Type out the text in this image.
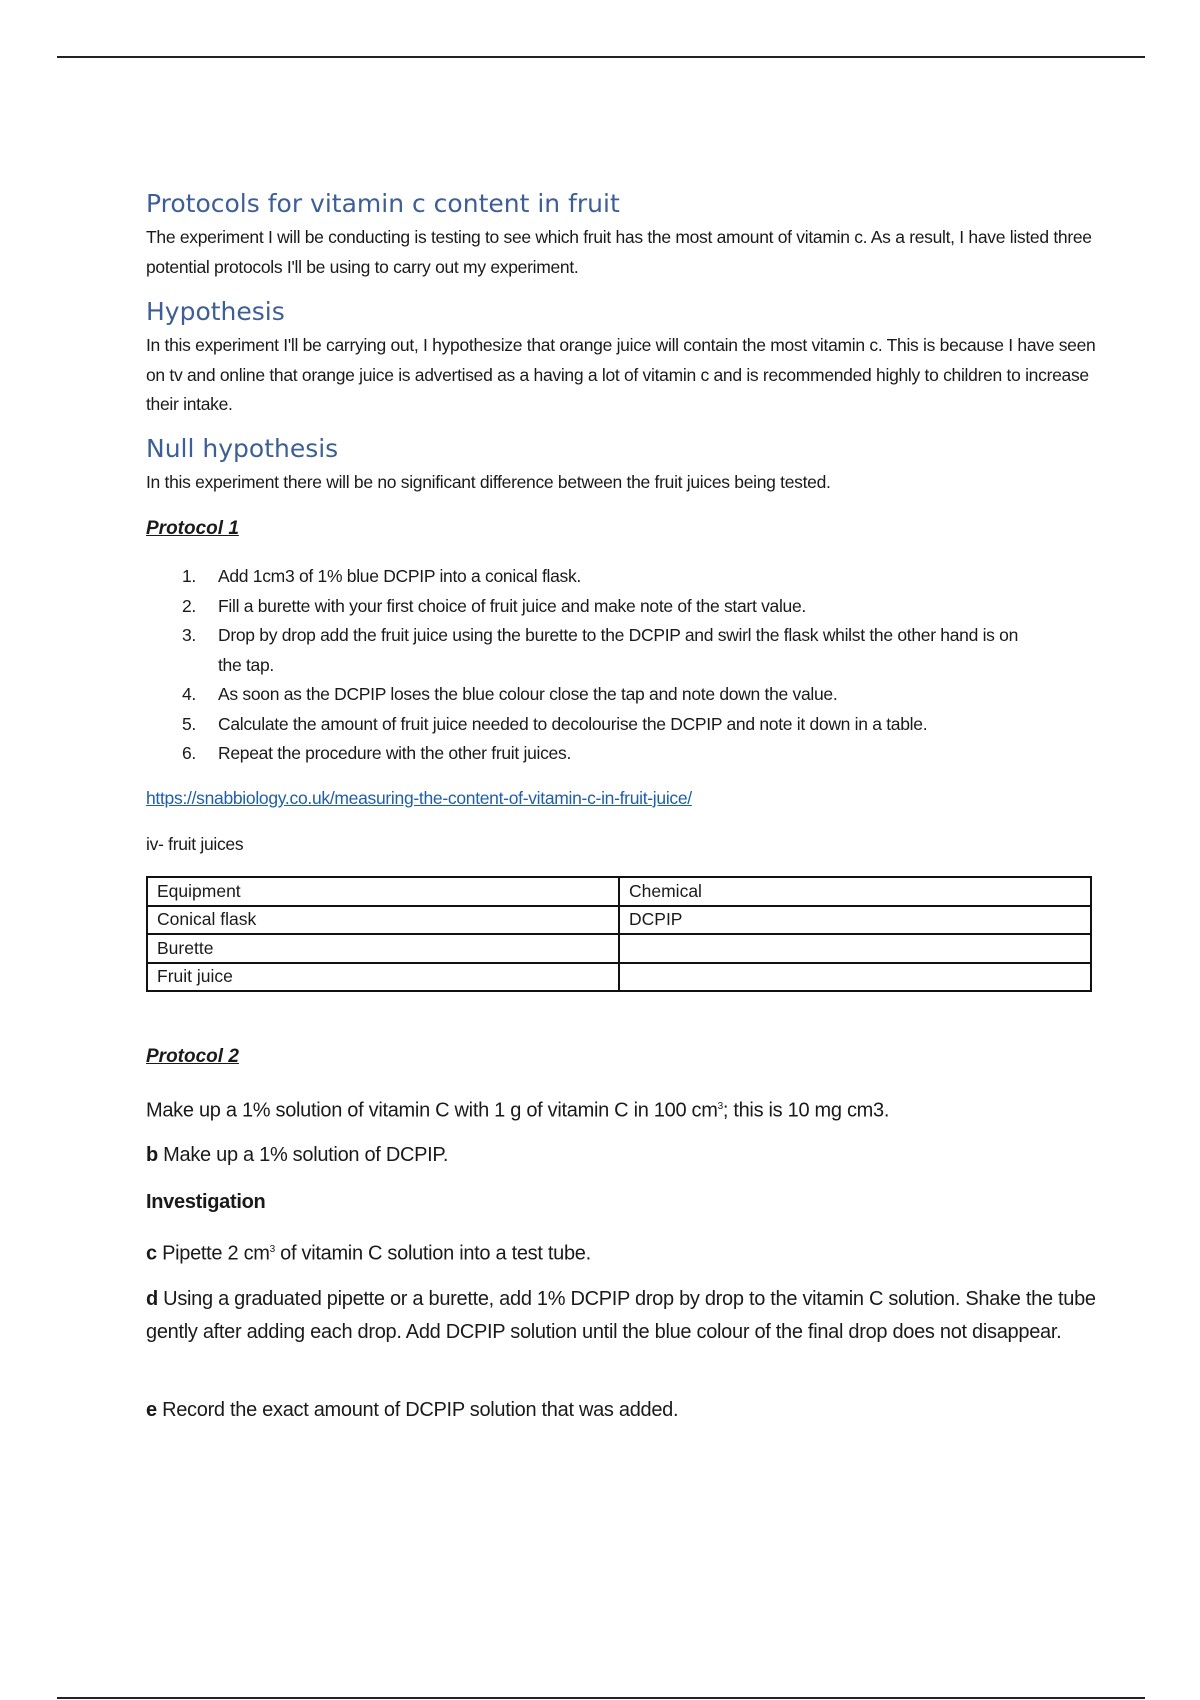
Protocols for vitamin c content in fruit
The experiment I will be conducting is testing to see which fruit has the most amount of vitamin c. As a result, I have listed three potential protocols I'll be using to carry out my experiment.
Hypothesis
In this experiment I'll be carrying out, I hypothesize that orange juice will contain the most vitamin c. This is because I have seen on tv and online that orange juice is advertised as a having a lot of vitamin c and is recommended highly to children to increase their intake.
Null hypothesis
In this experiment there will be no significant difference between the fruit juices being tested.
Protocol 1
1. Add 1cm3 of 1% blue DCPIP into a conical flask.
2. Fill a burette with your first choice of fruit juice and make note of the start value.
3. Drop by drop add the fruit juice using the burette to the DCPIP and swirl the flask whilst the other hand is on the tap.
4. As soon as the DCPIP loses the blue colour close the tap and note down the value.
5. Calculate the amount of fruit juice needed to decolourise the DCPIP and note it down in a table.
6. Repeat the procedure with the other fruit juices.
https://snabbiology.co.uk/measuring-the-content-of-vitamin-c-in-fruit-juice/
iv- fruit juices
Equipment	Chemical
Conical flask	DCPIP
Burette	
Fruit juice	
Protocol 2
Make up a 1% solution of vitamin C with 1 g of vitamin C in 100 $cm^3$; this is 10 mg cm3.
b Make up a 1% solution of DCPIP.
Investigation
c Pipette 2 $cm^3$ of vitamin C solution into a test tube.
d Using a graduated pipette or a burette, add 1% DCPIP drop by drop to the vitamin C solution. Shake the tube gently after adding each drop. Add DCPIP solution until the blue colour of the final drop does not disappear.
e Record the exact amount of DCPIP solution that was added.
